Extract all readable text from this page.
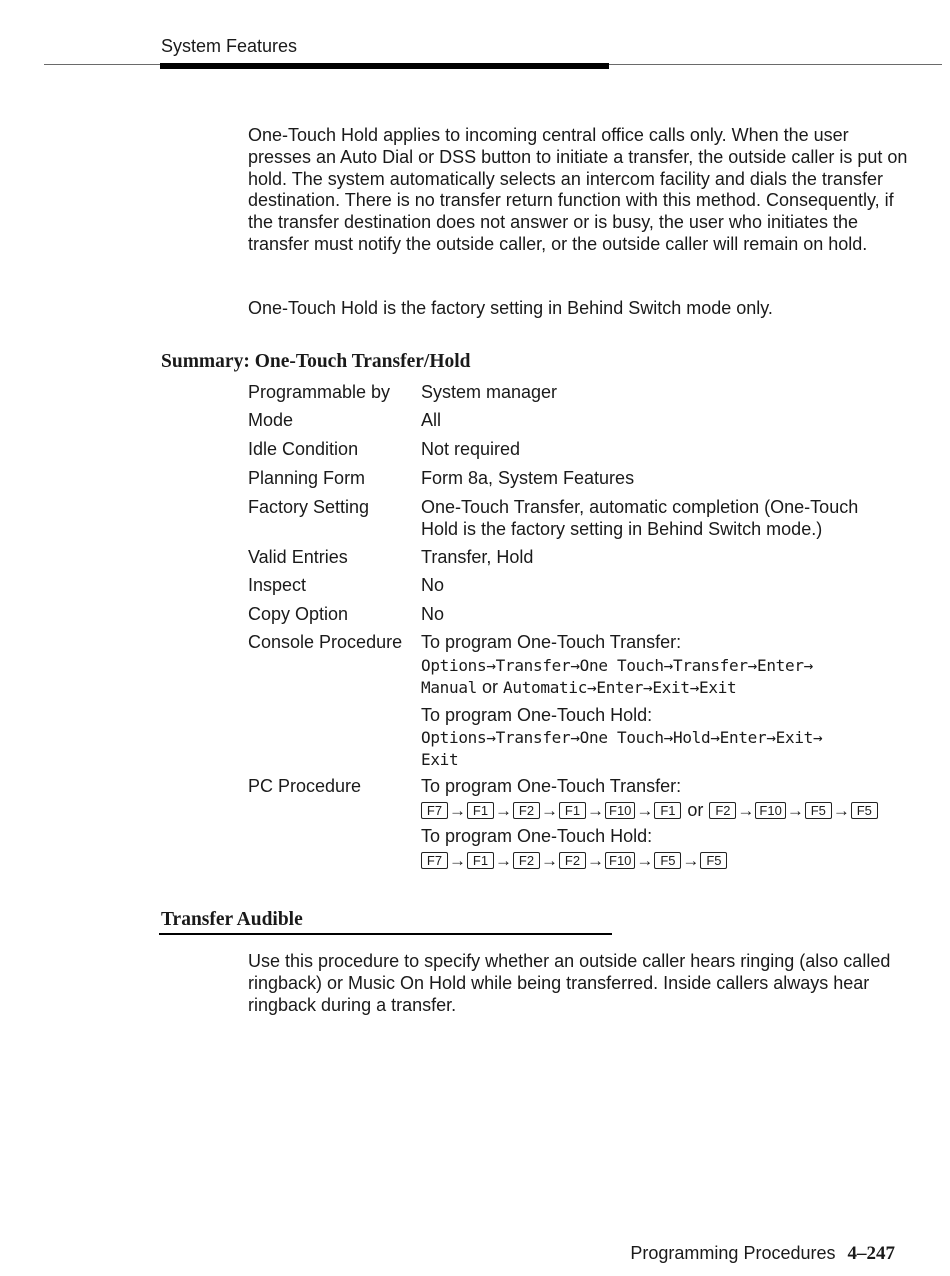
System Features
One-Touch Hold applies to incoming central office calls only. When the user presses an Auto Dial or DSS button to initiate a transfer, the outside caller is put on hold. The system automatically selects an intercom facility and dials the transfer destination. There is no transfer return function with this method. Consequently, if the transfer destination does not answer or is busy, the user who initiates the transfer must notify the outside caller, or the outside caller will remain on hold.
One-Touch Hold is the factory setting in Behind Switch mode only.
Summary: One-Touch Transfer/Hold
Programmable by System manager
Mode	All
Idle Condition	Not required
Planning Form	Form 8a, System Features
Factory Setting	One-Touch Transfer, automatic completion (One-Touch Hold is the factory setting in Behind Switch mode.)
Valid Entries	Transfer, Hold
Inspect	No
Copy Option	No
Console Procedure To program One-Touch Transfer:
Options→Transfer→One Touch→Transfer→Enter→
Manual or Automatic→Enter→Exit→Exit
To program One-Touch Hold:
Options→Transfer→One Touch→Hold→Enter→Exit→
Exit
PC Procedure	To program One-Touch Transfer:
F7 → F1 → F2 → F1 → F10 → F1 or F2 → F10 → F5 → F5
To program One-Touch Hold:
F7 → F1 → F2 → F2 → F10 → F5 → F5
Transfer Audible
Use this procedure to specify whether an outside caller hears ringing (also called ringback) or Music On Hold while being transferred. Inside callers always hear ringback during a transfer.
Programming Procedures 4–247
